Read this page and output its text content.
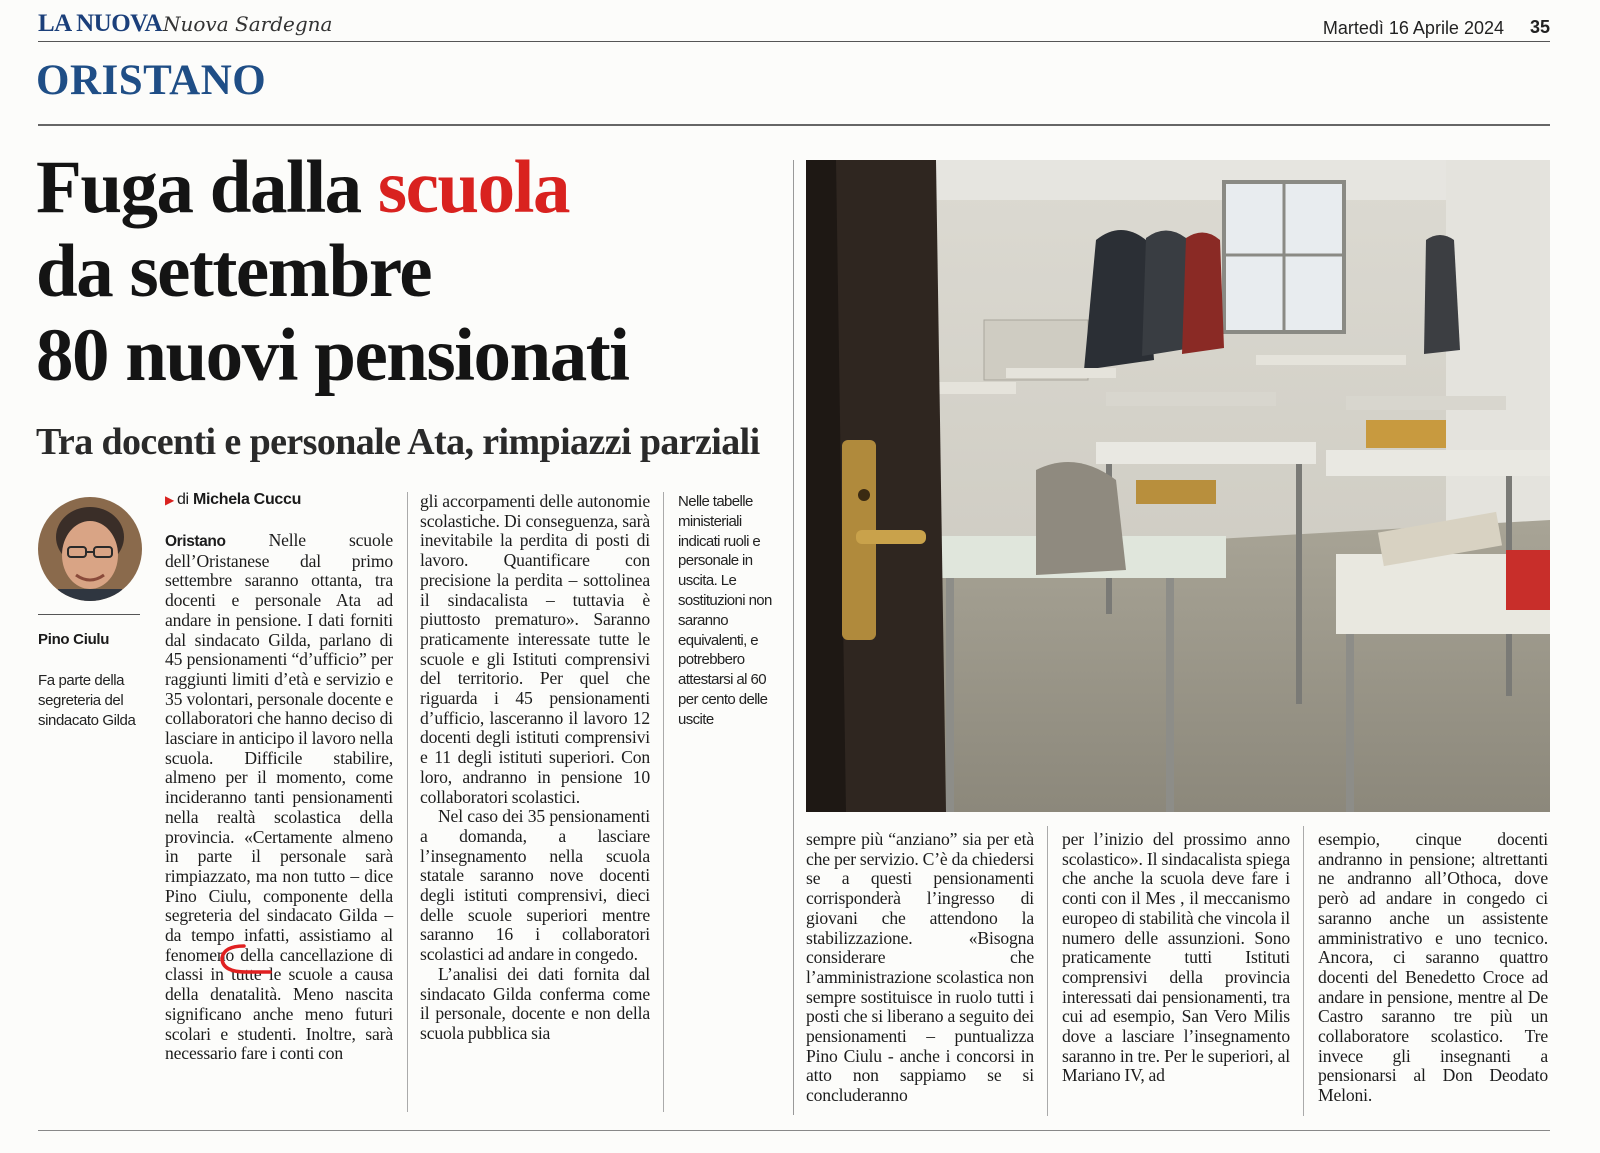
LA NUOVA Nuova Sardegna	Martedì 16 Aprile 2024 35
ORISTANO
Fuga dalla scuola
da settembre
80 nuovi pensionati
Tra docenti e personale Ata, rimpiazzi parziali
Pino Ciulu
Fa parte della segreteria del sindacato Gilda
▶ di Michela Cuccu

Oristano Nelle scuole dell’Oristanese dal primo settembre saranno ottanta, tra docenti e personale Ata ad andare in pensione. I dati forniti dal sindacato Gilda, parlano di 45 pensionamenti “d’ufficio” per raggiunti limiti d’età e servizio e 35 volontari, personale docente e collaboratori che hanno deciso di lasciare in anticipo il lavoro nella scuola. Difficile stabilire, almeno per il momento, come incideranno tanti pensionamenti nella realtà scolastica della provincia. «Certamente almeno in parte il personale sarà rimpiazzato, ma non tutto – dice Pino Ciulu, componente della segreteria del sindacato Gilda – da tempo infatti, assistiamo al fenomeno della cancellazione di classi in tutte le scuole a causa della denatalità. Meno nascita significano anche meno futuri scolari e studenti. Inoltre, sarà necessario fare i conti con

gli accorpamenti delle autonomie scolastiche. Di conseguenza, sarà inevitabile la perdita di posti di lavoro. Quantificare con precisione la perdita – sottolinea il sindacalista – tuttavia è piuttosto prematuro». Saranno praticamente interessate tutte le scuole e gli Istituti comprensivi del territorio. Per quel che riguarda i 45 pensionamenti d’ufficio, lasceranno il lavoro 12 docenti degli istituti comprensivi e 11 degli istituti superiori. Con loro, andranno in pensione 10 collaboratori scolastici.

Nel caso dei 35 pensionamenti a domanda, a lasciare l’insegnamento nella scuola statale saranno nove docenti degli istituti comprensivi, dieci delle scuole superiori mentre saranno 16 i collaboratori scolastici ad andare in congedo.

L’analisi dei dati fornita dal sindacato Gilda conferma come il personale, docente e non della scuola pubblica sia

Nelle tabelle ministeriali indicati ruoli e personale in uscita. Le sostituzioni non saranno equivalenti, e potrebbero attestarsi al 60 per cento delle uscite

sempre più “anziano” sia per età che per servizio. C’è da chiedersi se a questi pensionamenti corrisponderà l’ingresso di giovani che attendono la stabilizzazione. «Bisogna considerare che l’amministrazione scolastica non sempre sostituisce in ruolo tutti i posti che si liberano a seguito dei pensionamenti – puntualizza Pino Ciulu - anche i concorsi in atto non sappiamo se si concluderanno

per l’inizio del prossimo anno scolastico». Il sindacalista spiega che anche la scuola deve fare i conti con il Mes , il meccanismo europeo di stabilità che vincola il numero delle assunzioni. Sono praticamente tutti Istituti comprensivi della provincia interessati dai pensionamenti, tra cui ad esempio, San Vero Milis dove a lasciare l’insegnamento saranno in tre. Per le superiori, al Mariano IV, ad

esempio, cinque docenti andranno in pensione; altrettanti ne andranno all’Othoca, dove però ad andare in congedo ci saranno anche un assistente amministrativo e uno tecnico. Ancora, ci saranno quattro docenti del Benedetto Croce ad andare in pensione, mentre al De Castro saranno tre più un collaboratore scolastico. Tre invece gli insegnanti a pensionarsi al Don Deodato Meloni.
